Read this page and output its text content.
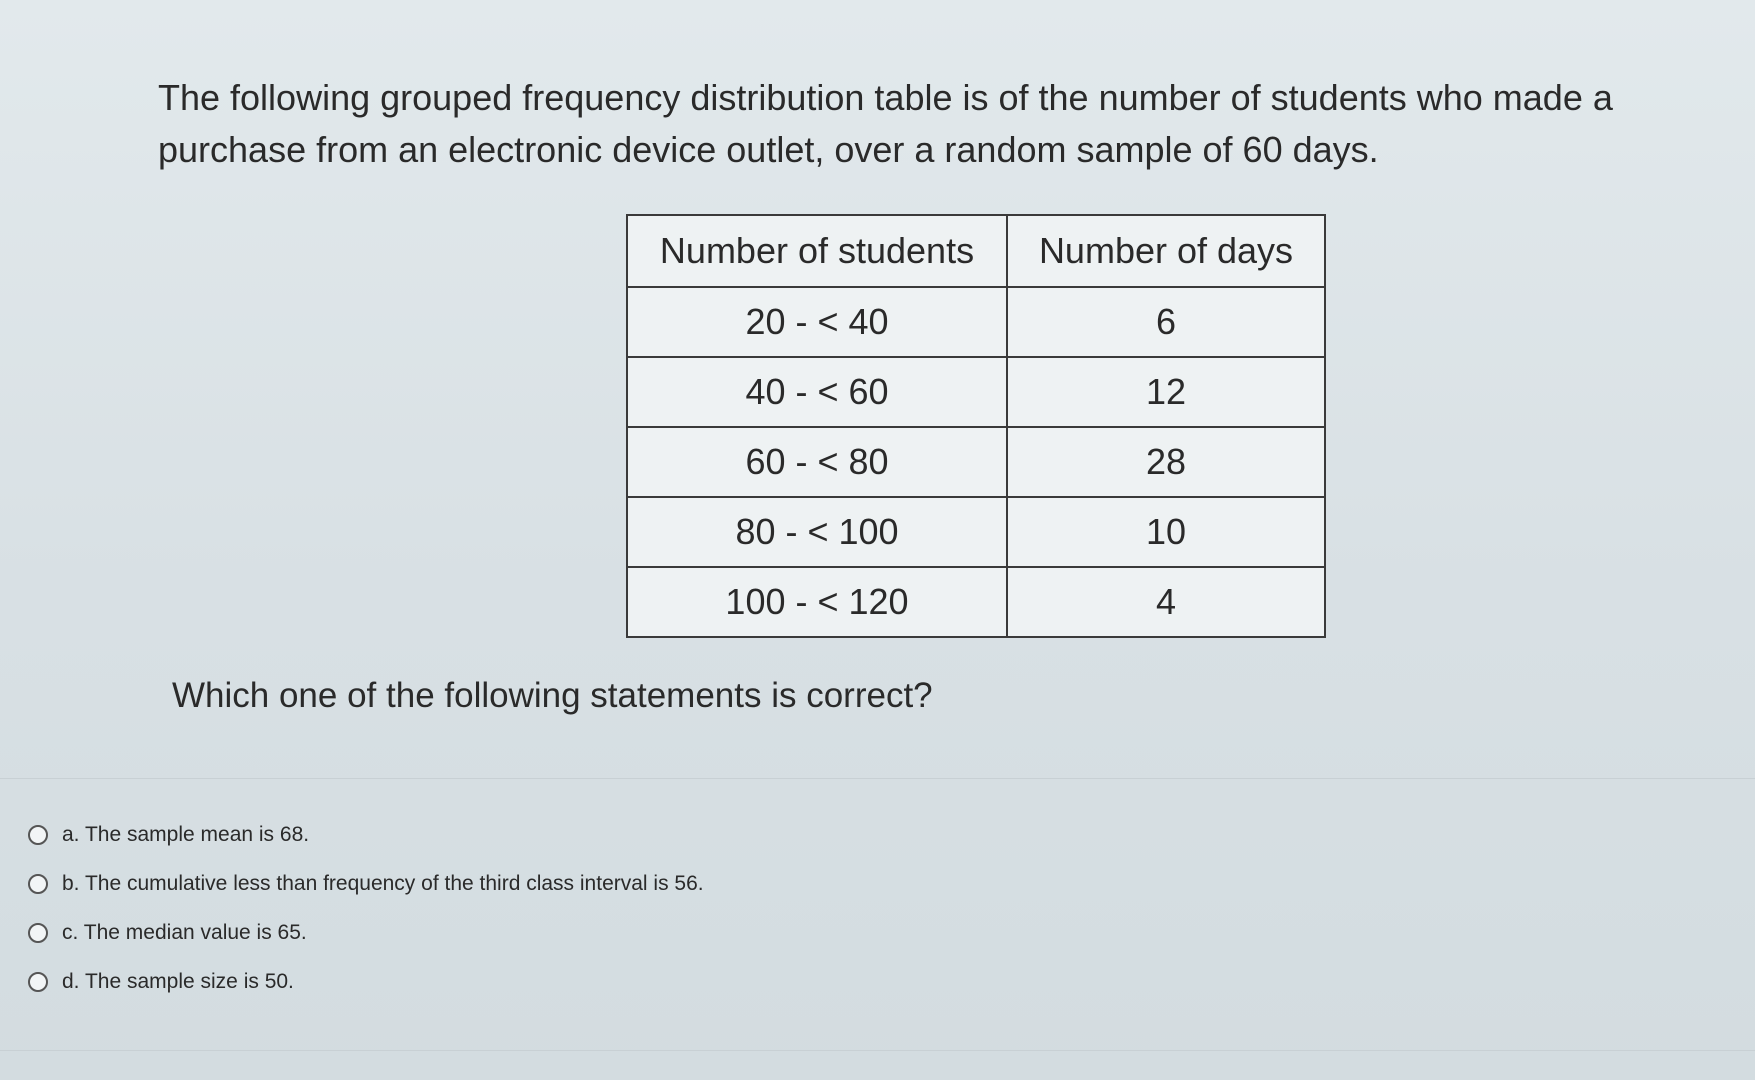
The following grouped frequency distribution table is of the number of students who made a purchase from an electronic device outlet, over a random sample of 60 days.

Number of students	Number of days
20 - < 40	6
40 - < 60	12
60 - < 80	28
80 - < 100	10
100 - < 120	4

Which one of the following statements is correct?

a. The sample mean is 68.
b. The cumulative less than frequency of the third class interval is 56.
c. The median value is 65.
d. The sample size is 50.
